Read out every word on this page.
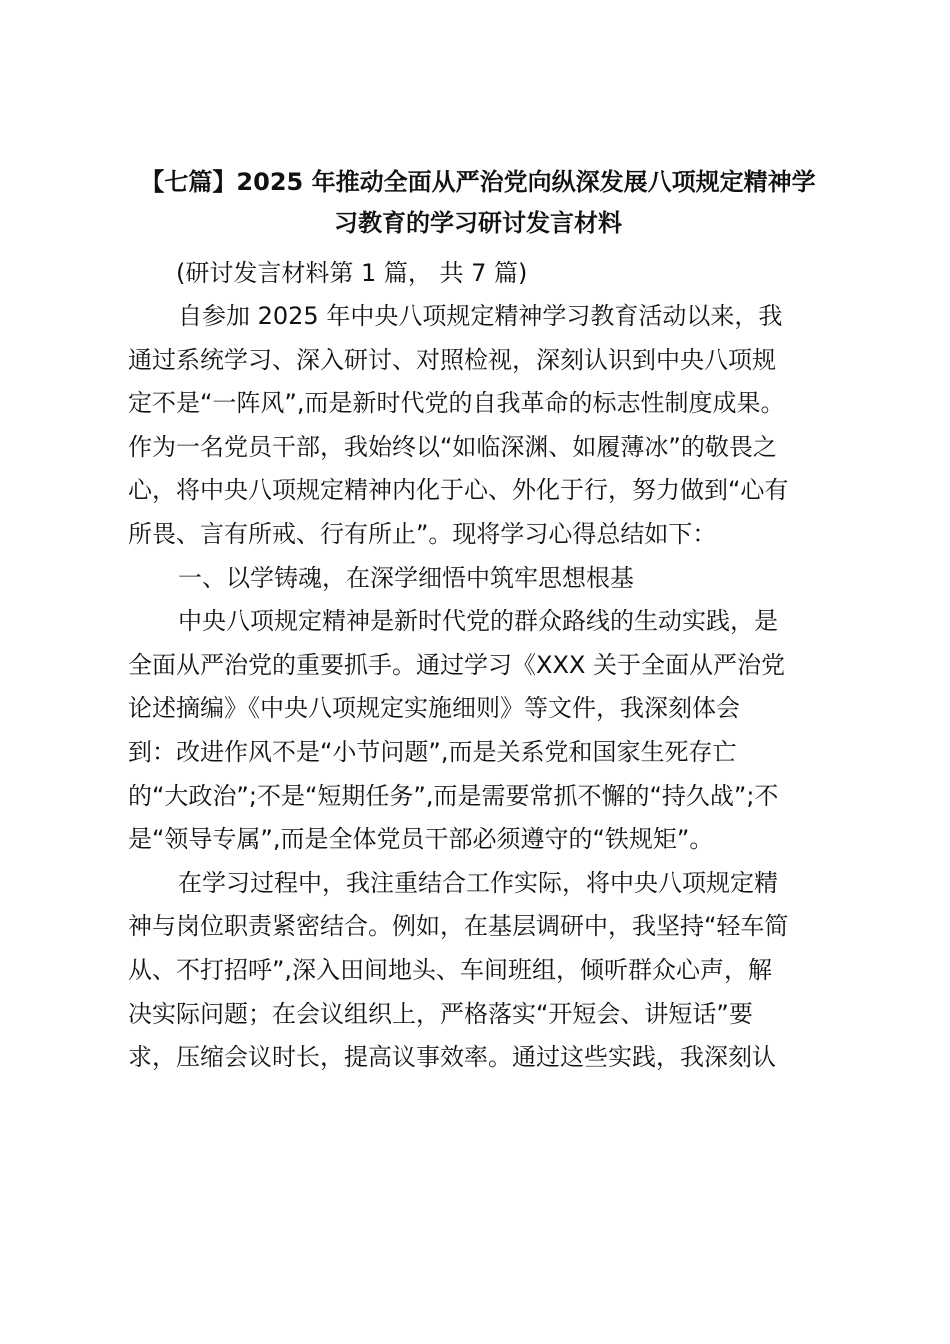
【七篇】2025 年推动全面从严治党向纵深发展八项规定精神学
习教育的学习研讨发言材料

(研讨发言材料第 1 篇， 共 7 篇)

自参加 2025 年中央八项规定精神学习教育活动以来，我
通过系统学习、深入研讨、对照检视，深刻认识到中央八项规
定不是“一阵风”,而是新时代党的自我革命的标志性制度成果。
作为一名党员干部，我始终以“如临深渊、如履薄冰”的敬畏之
心，将中央八项规定精神内化于心、外化于行，努力做到“心有
所畏、言有所戒、行有所止”。现将学习心得总结如下：

一、以学铸魂，在深学细悟中筑牢思想根基

中央八项规定精神是新时代党的群众路线的生动实践，是
全面从严治党的重要抓手。通过学习《XXX 关于全面从严治党
论述摘编》《中央八项规定实施细则》等文件，我深刻体会
到：改进作风不是“小节问题”,而是关系党和国家生死存亡
的“大政治”;不是“短期任务”,而是需要常抓不懈的“持久战”;不
是“领导专属”,而是全体党员干部必须遵守的“铁规矩”。

在学习过程中，我注重结合工作实际，将中央八项规定精
神与岗位职责紧密结合。例如，在基层调研中，我坚持“轻车简
从、不打招呼”,深入田间地头、车间班组，倾听群众心声，解
决实际问题；在会议组织上，严格落实“开短会、讲短话”要
求，压缩会议时长，提高议事效率。通过这些实践，我深刻认
